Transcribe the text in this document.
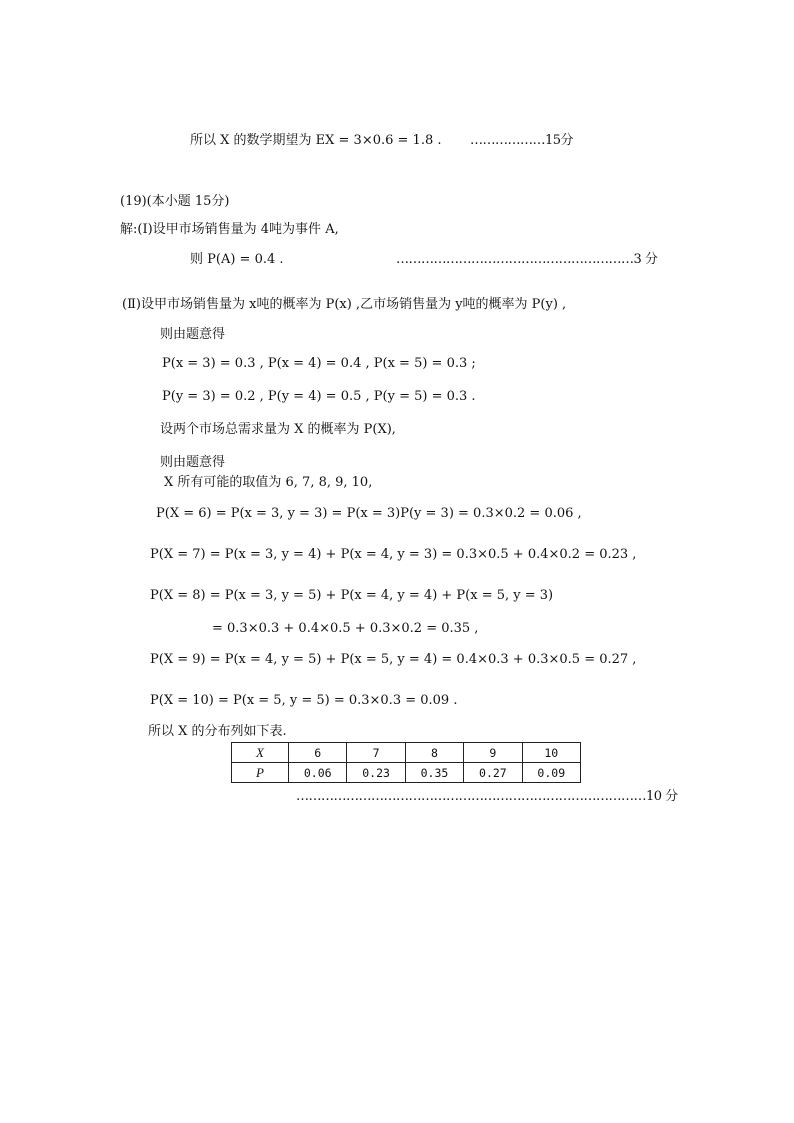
所以 X 的数学期望为 EX = 3×0.6 = 1.8 . ………………15分
(19)(本小题 15分)
解:(Ⅰ)设甲市场销售量为 4吨为事件 A,
则 P(A) = 0.4 .	…………………………………………………3 分
(Ⅱ)设甲市场销售量为 x吨的概率为 P(x) ,乙市场销售量为 y吨的概率为 P(y) ,
则由题意得
P(x = 3) = 0.3 , P(x = 4) = 0.4 , P(x = 5) = 0.3 ;
P(y = 3) = 0.2 , P(y = 4) = 0.5 , P(y = 5) = 0.3 .
设两个市场总需求量为 X 的概率为 P(X),
则由题意得
X 所有可能的取值为 6, 7, 8, 9, 10,
P(X = 6) = P(x = 3, y = 3) = P(x = 3)P(y = 3) = 0.3×0.2 = 0.06 ,
P(X = 7) = P(x = 3, y = 4) + P(x = 4, y = 3) = 0.3×0.5 + 0.4×0.2 = 0.23 ,
P(X = 8) = P(x = 3, y = 5) + P(x = 4, y = 4) + P(x = 5, y = 3)
= 0.3×0.3 + 0.4×0.5 + 0.3×0.2 = 0.35 ,
P(X = 9) = P(x = 4, y = 5) + P(x = 5, y = 4) = 0.4×0.3 + 0.3×0.5 = 0.27 ,
P(X = 10) = P(x = 5, y = 5) = 0.3×0.3 = 0.09 .
所以 X 的分布列如下表.
X	6	7	8	9	10
P	0.06	0.23	0.35	0.27	0.09
…………………………………………………………………………10 分
